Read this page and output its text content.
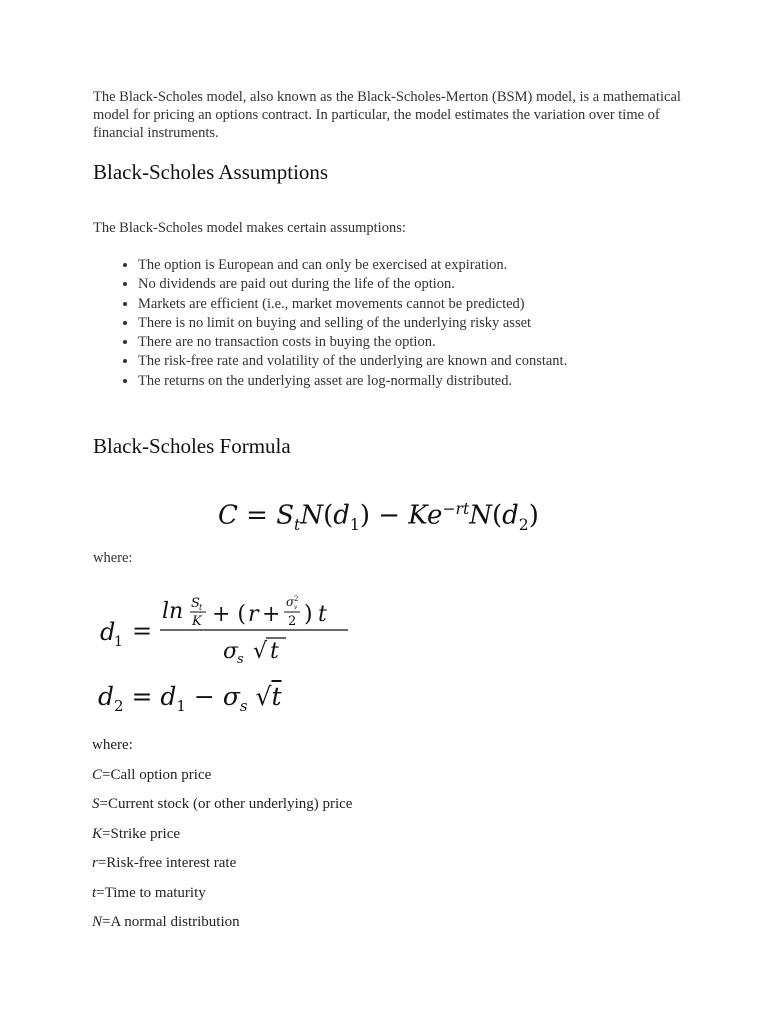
The Black-Scholes model, also known as the Black-Scholes-Merton (BSM) model, is a mathematical model for pricing an options contract. In particular, the model estimates the variation over time of financial instruments.

Black-Scholes Assumptions

The Black-Scholes model makes certain assumptions:

• The option is European and can only be exercised at expiration.
• No dividends are paid out during the life of the option.
• Markets are efficient (i.e., market movements cannot be predicted)
• There is no limit on buying and selling of the underlying risky asset
• There are no transaction costs in buying the option.
• The risk-free rate and volatility of the underlying are known and constant.
• The returns on the underlying asset are log-normally distributed.
Black-Scholes Formula
$C = S_tN(d_1) - Ke^{-rt}N(d_2)$

where:

d
1 =
ln S t
K + ( r + σ 2
v
2 ) t
σ
s √ t
$d_2 = d_1 - \sigma_s$ √t
where:
C=Call option price
S=Current stock (or other underlying) price
K=Strike price
r=Risk-free interest rate
t=Time to maturity
N=A normal distribution
